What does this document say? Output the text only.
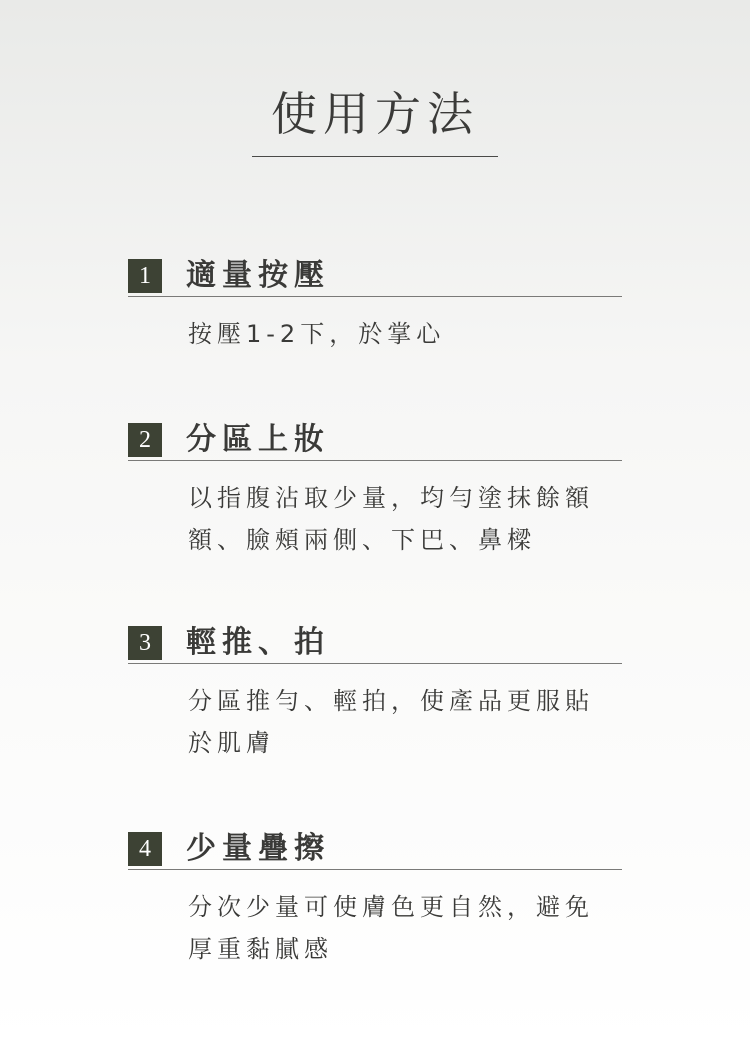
使用方法
1	適量按壓
按壓1-2下，於掌心
2	分區上妝
以指腹沾取少量，均勻塗抹餘額額、臉頰兩側、下巴、鼻樑
3	輕推、拍
分區推勻、輕拍，使產品更服貼於肌膚
4	少量疊擦
分次少量可使膚色更自然，避免厚重黏膩感
